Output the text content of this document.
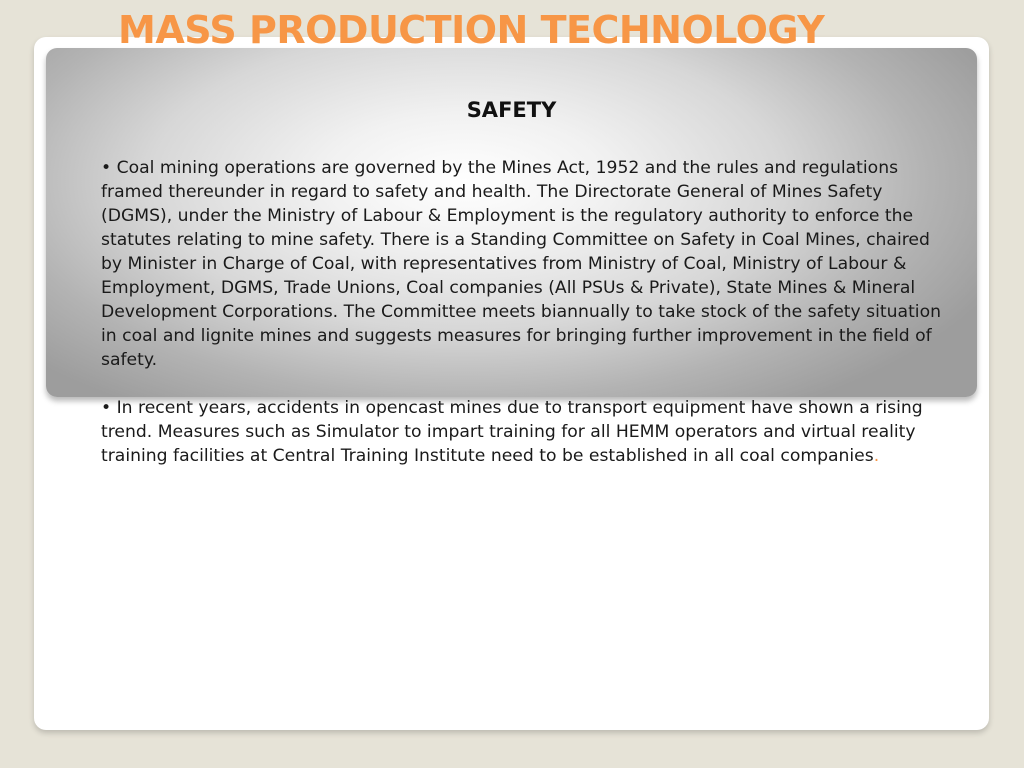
MASS PRODUCTION TECHNOLOGY
SAFETY

• Coal mining operations are governed by the Mines Act, 1952 and the rules and regulations framed thereunder in regard to safety and health. The Directorate General of Mines Safety (DGMS), under the Ministry of Labour & Employment is the regulatory authority to enforce the statutes relating to mine safety. There is a Standing Committee on Safety in Coal Mines, chaired by Minister in Charge of Coal, with representatives from Ministry of Coal, Ministry of Labour & Employment, DGMS, Trade Unions, Coal companies (All PSUs & Private), State Mines & Mineral Development Corporations. The Committee meets biannually to take stock of the safety situation in coal and lignite mines and suggests measures for bringing further improvement in the field of safety.

• In recent years, accidents in opencast mines due to transport equipment have shown a rising trend. Measures such as Simulator to impart training for all HEMM operators and virtual reality training facilities at Central Training Institute need to be established in all coal companies.
